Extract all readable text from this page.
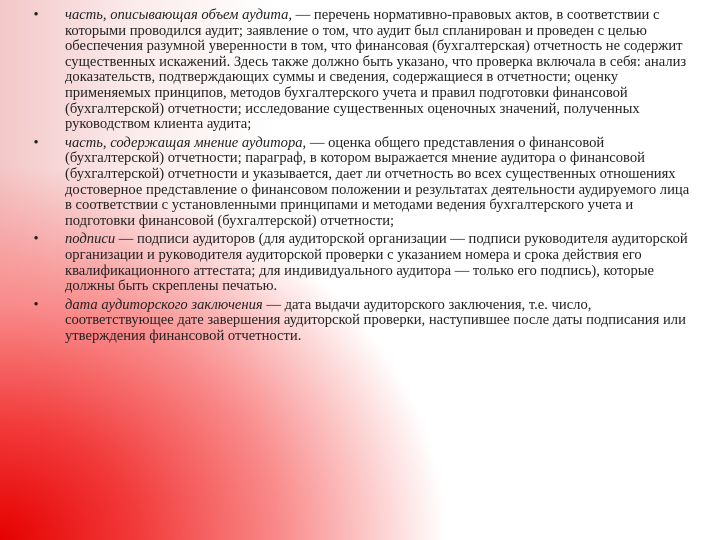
• часть, описывающая объем аудита, — перечень нормативно-правовых актов, в соответствии с которыми проводился аудит; заявление о том, что аудит был спланирован и проведен с целью обеспечения разумной уверенности в том, что финансовая (бухгалтерская) отчетность не содержит существенных искажений. Здесь также должно быть указано, что проверка включала в себя: анализ доказательств, подтверждающих суммы и сведения, содержащиеся в отчетности; оценку применяемых принципов, методов бухгалтерского учета и правил подготовки финансовой (бухгалтерской) отчетности; исследование существенных оценочных значений, полученных руководством клиента аудита;
• часть, содержащая мнение аудитора, — оценка общего представления о финансовой (бухгалтерской) отчетности; параграф, в котором выражается мнение аудитора о финансовой (бухгалтерской) отчетности и указывается, дает ли отчетность во всех существенных отношениях достоверное представление о финансовом положении и результатах деятельности аудируемого лица в соответствии с установленными принципами и методами ведения бухгалтерского учета и подготовки финансовой (бухгалтерской) отчетности;
• подписи — подписи аудиторов (для аудиторской организации — подписи руководителя аудиторской организации и руководителя аудиторской проверки с указанием номера и срока действия его квалификационного аттестата; для индивидуального аудитора — только его подпись), которые должны быть скреплены печатью.
• дата аудиторского заключения — дата выдачи аудиторского заключения, т.е. число, соответствующее дате завершения аудиторской проверки, наступившее после даты подписания или утверждения финансовой отчетности.
